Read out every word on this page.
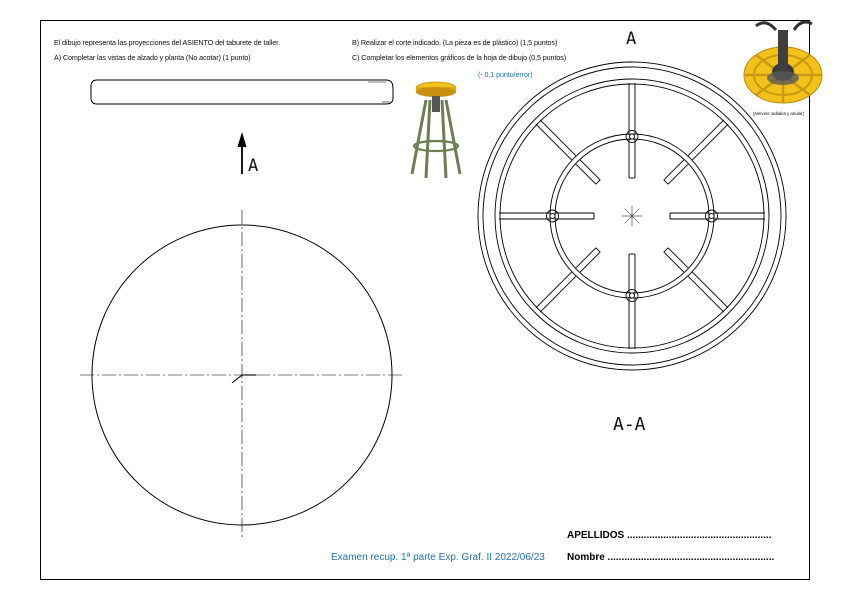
El dibujo representa las proyecciones del ASIENTO del taburete de taller.
A) Completar las vistas de alzado y planta (No acotar) (1 punto)
B) Realizar el corte indicado. (La pieza es de plástico) (1,5 puntos)
C) Completar los elementos gráficos de la hoja de dibujo (0,5 puntos)
(- 0,1 punto/error)
A
A
A-A
Examen recup. 1ª parte Exp. Graf. II 2022/06/23
APELLIDOS ....................................................
Nombre ............................................................
(Nervios radiales y anular)
